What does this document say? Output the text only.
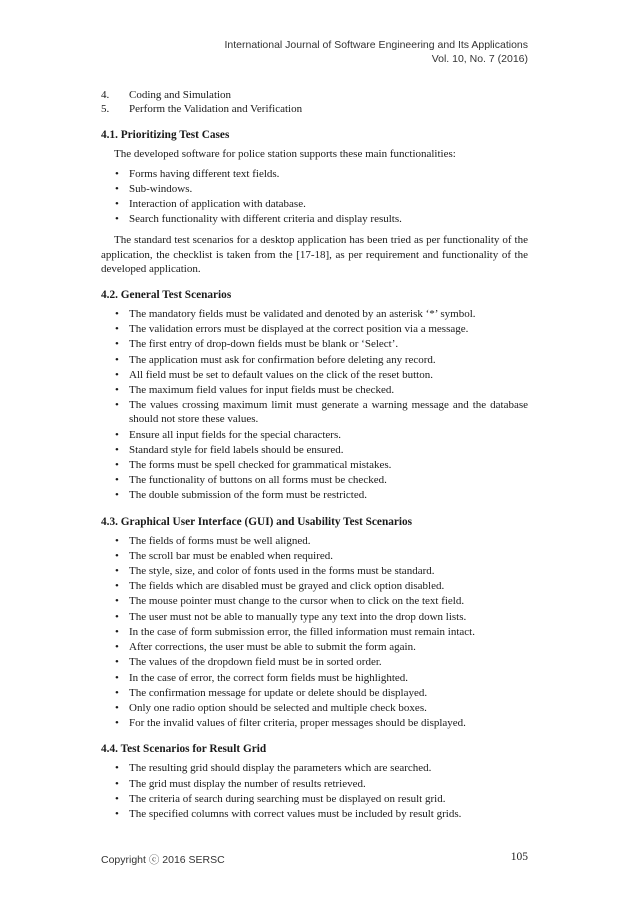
International Journal of Software Engineering and Its Applications
Vol. 10, No. 7 (2016)
4.	Coding and Simulation
5.	Perform the Validation and Verification
4.1. Prioritizing Test Cases

The developed software for police station supports these main functionalities:

• Forms having different text fields.
• Sub-windows.
• Interaction of application with database.
• Search functionality with different criteria and display results.

The standard test scenarios for a desktop application has been tried as per functionality of the application, the checklist is taken from the [17-18], as per requirement and functionality of the developed application.

4.2. General Test Scenarios
• The mandatory fields must be validated and denoted by an asterisk ‘*’ symbol.
• The validation errors must be displayed at the correct position via a message.
• The first entry of drop-down fields must be blank or ‘Select’.
• The application must ask for confirmation before deleting any record.
• All field must be set to default values on the click of the reset button.
• The maximum field values for input fields must be checked.
• The values crossing maximum limit must generate a warning message and the database should not store these values.
• Ensure all input fields for the special characters.
• Standard style for field labels should be ensured.
• The forms must be spell checked for grammatical mistakes.
• The functionality of buttons on all forms must be checked.
• The double submission of the form must be restricted.
4.3. Graphical User Interface (GUI) and Usability Test Scenarios
• The fields of forms must be well aligned.
• The scroll bar must be enabled when required.
• The style, size, and color of fonts used in the forms must be standard.
• The fields which are disabled must be grayed and click option disabled.
• The mouse pointer must change to the cursor when to click on the text field.
• The user must not be able to manually type any text into the drop down lists.
• In the case of form submission error, the filled information must remain intact.
• After corrections, the user must be able to submit the form again.
• The values of the dropdown field must be in sorted order.
• In the case of error, the correct form fields must be highlighted.
• The confirmation message for update or delete should be displayed.
• Only one radio option should be selected and multiple check boxes.
• For the invalid values of filter criteria, proper messages should be displayed.
4.4. Test Scenarios for Result Grid
• The resulting grid should display the parameters which are searched.
• The grid must display the number of results retrieved.
• The criteria of search during searching must be displayed on result grid.
• The specified columns with correct values must be included by result grids.
Copyright ⓒ 2016 SERSC	105
